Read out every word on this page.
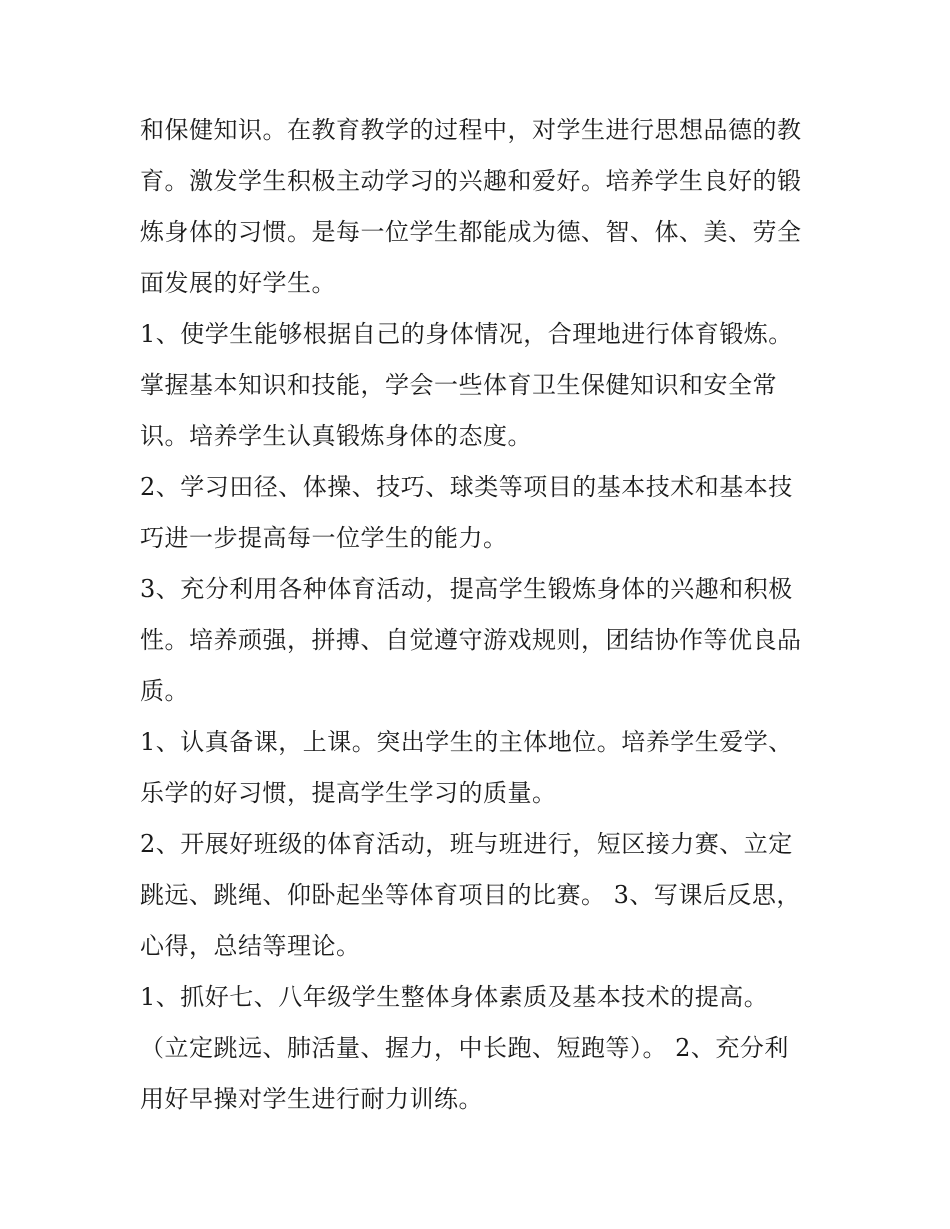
和保健知识。在教育教学的过程中，对学生进行思想品德的教
育。激发学生积极主动学习的兴趣和爱好。培养学生良好的锻
炼身体的习惯。是每一位学生都能成为德、智、体、美、劳全
面发展的好学生。
1、使学生能够根据自己的身体情况，合理地进行体育锻炼。
掌握基本知识和技能，学会一些体育卫生保健知识和安全常
识。培养学生认真锻炼身体的态度。
2、学习田径、体操、技巧、球类等项目的基本技术和基本技
巧进一步提高每一位学生的能力。
3、充分利用各种体育活动，提高学生锻炼身体的兴趣和积极
性。培养顽强，拼搏、自觉遵守游戏规则，团结协作等优良品
质。
1、认真备课，上课。突出学生的主体地位。培养学生爱学、
乐学的好习惯，提高学生学习的质量。
2、开展好班级的体育活动，班与班进行，短区接力赛、立定
跳远、跳绳、仰卧起坐等体育项目的比赛。 3、写课后反思，
心得，总结等理论。
1、抓好七、八年级学生整体身体素质及基本技术的提高。
（立定跳远、肺活量、握力，中长跑、短跑等）。 2、充分利
用好早操对学生进行耐力训练。
